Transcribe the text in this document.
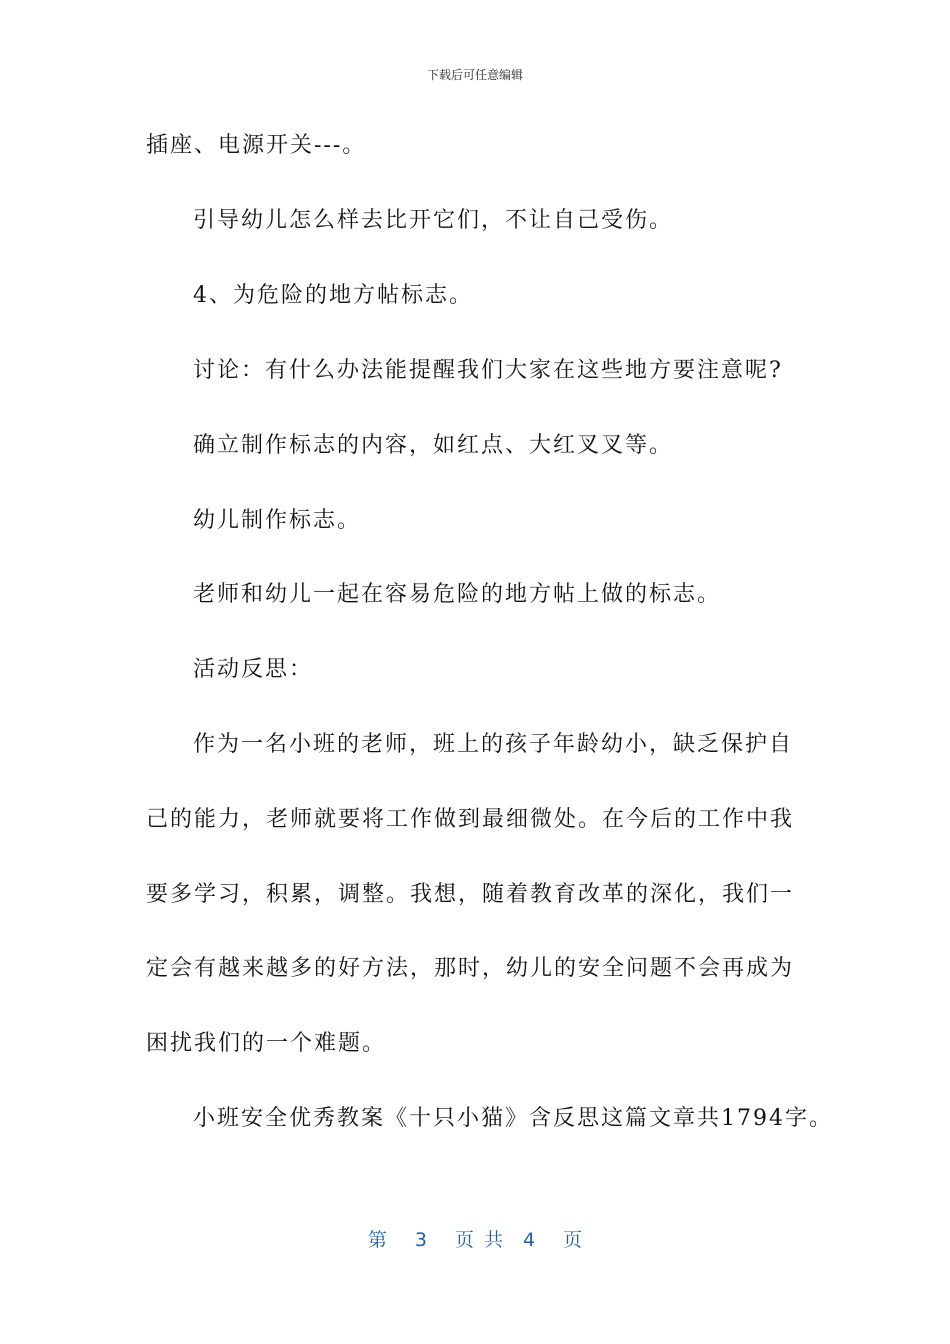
下载后可任意编辑
插座、电源开关---。
引导幼儿怎么样去比开它们，不让自己受伤。
4、为危险的地方帖标志。
讨论：有什么办法能提醒我们大家在这些地方要注意呢?
确立制作标志的内容，如红点、大红叉叉等。
幼儿制作标志。
老师和幼儿一起在容易危险的地方帖上做的标志。
活动反思：
作为一名小班的老师，班上的孩子年龄幼小，缺乏保护自
己的能力，老师就要将工作做到最细微处。在今后的工作中我
要多学习，积累，调整。我想，随着教育改革的深化，我们一
定会有越来越多的好方法，那时，幼儿的安全问题不会再成为
困扰我们的一个难题。
小班安全优秀教案《十只小猫》含反思这篇文章共1794字。
第 3 页共 4 页
